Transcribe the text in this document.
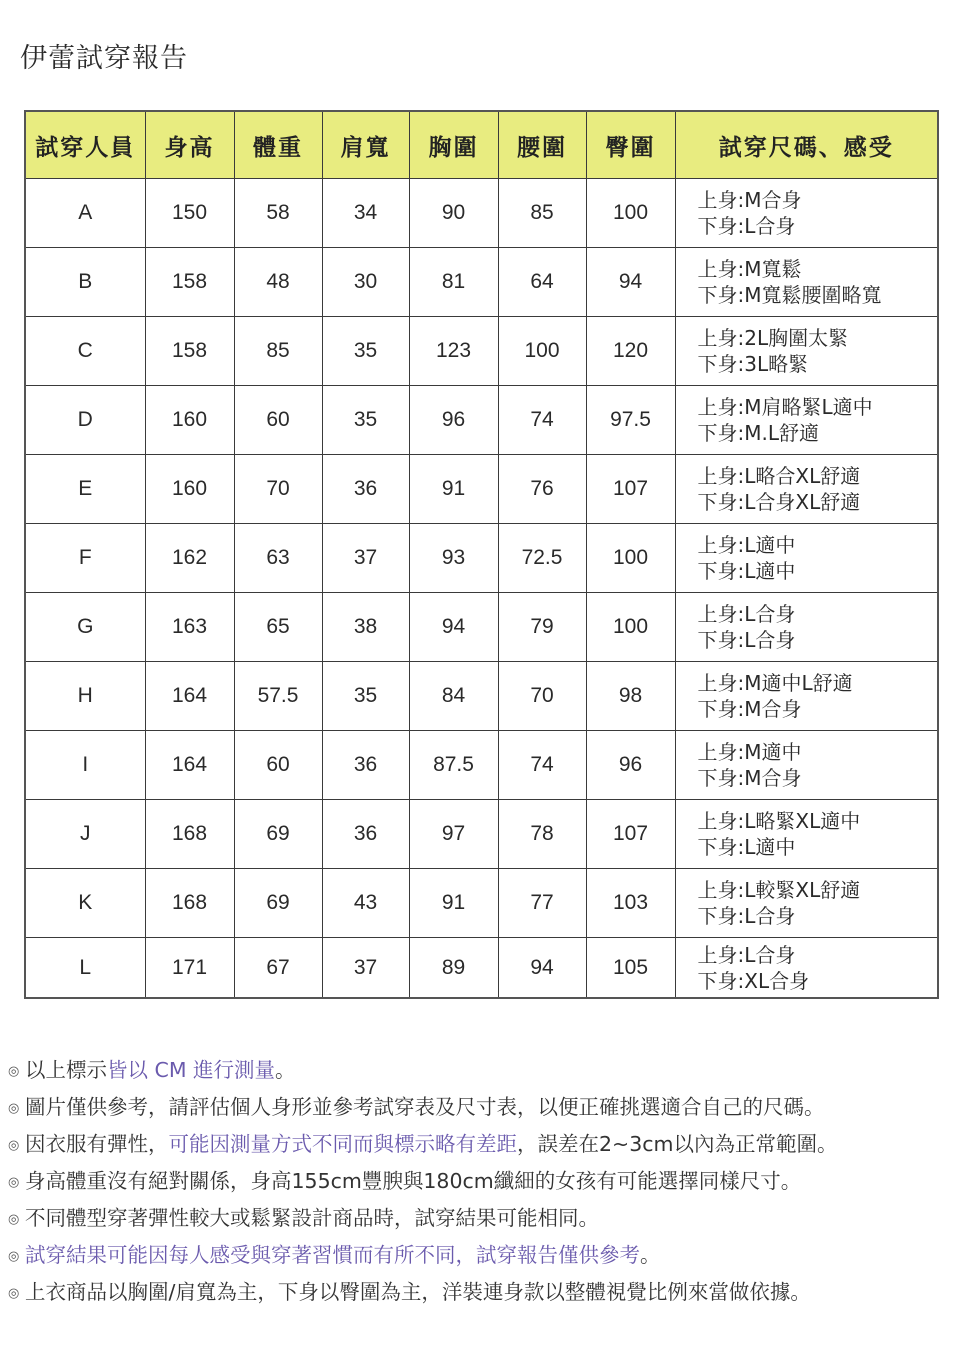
伊蕾試穿報告
試穿人員	身高	體重	肩寬	胸圍	腰圍	臀圍	試穿尺碼、感受
A	150	58	34	90	85	100	上身:M合身
下身:L合身

B	158	48	30	81	64	94	上身:M寬鬆
下身:M寬鬆腰圍略寬

C	158	85	35	123	100	120	上身:2L胸圍太緊
下身:3L略緊

D	160	60	35	96	74	97.5	上身:M肩略緊L適中
下身:M.L舒適

E	160	70	36	91	76	107	上身:L略合XL舒適
下身:L合身XL舒適

F	162	63	37	93	72.5	100	上身:L適中
下身:L適中

G	163	65	38	94	79	100	上身:L合身
下身:L合身

H	164	57.5	35	84	70	98	上身:M適中L舒適
下身:M合身

I	164	60	36	87.5	74	96	上身:M適中
下身:M合身

J	168	69	36	97	78	107	上身:L略緊XL適中
下身:L適中

K	168	69	43	91	77	103	上身:L較緊XL舒適
下身:L合身

L	171	67	37	89	94	105	上身:L合身
下身:XL合身
◎ 以上標示皆以 CM 進行測量。
◎ 圖片僅供參考，請評估個人身形並參考試穿表及尺寸表，以便正確挑選適合自己的尺碼。
◎ 因衣服有彈性，可能因測量方式不同而與標示略有差距，誤差在2~3cm以內為正常範圍。
◎ 身高體重沒有絕對關係，身高155cm豐腴與180cm纖細的女孩有可能選擇同樣尺寸。
◎ 不同體型穿著彈性較大或鬆緊設計商品時，試穿結果可能相同。
◎ 試穿結果可能因每人感受與穿著習慣而有所不同，試穿報告僅供參考。
◎ 上衣商品以胸圍/肩寬為主，下身以臀圍為主，洋裝連身款以整體視覺比例來當做依據。
